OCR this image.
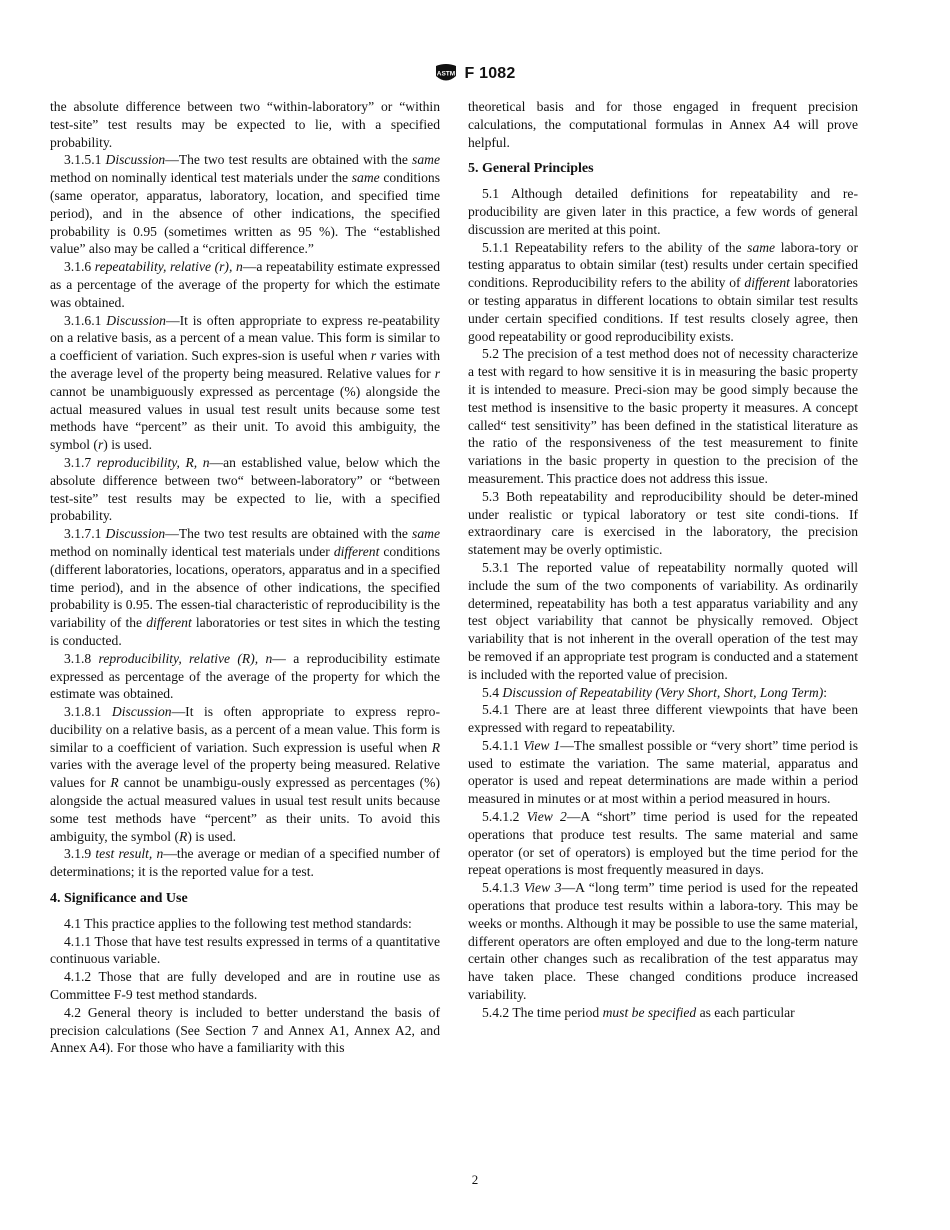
ASTM F 1082

the absolute difference between two “within-laboratory” or “within test-site” test results may be expected to lie, with a specified probability.

3.1.5.1 Discussion—The two test results are obtained with the same method on nominally identical test materials under the same conditions (same operator, apparatus, laboratory, location, and specified time period), and in the absence of other indications, the specified probability is 0.95 (sometimes written as 95 %). The “established value” also may be called a “critical difference.”

3.1.6 repeatability, relative (r), n—a repeatability estimate expressed as a percentage of the average of the property for which the estimate was obtained.

3.1.6.1 Discussion—It is often appropriate to express re-peatability on a relative basis, as a percent of a mean value. This form is similar to a coefficient of variation. Such expres-sion is useful when r varies with the average level of the property being measured. Relative values for r cannot be unambiguously expressed as percentage (%) alongside the actual measured values in usual test result units because some test methods have “percent” as their unit. To avoid this ambiguity, the symbol (r) is used.

3.1.7 reproducibility, R, n—an established value, below which the absolute difference between two“ between-laboratory” or “between test-site” test results may be expected to lie, with a specified probability.

3.1.7.1 Discussion—The two test results are obtained with the same method on nominally identical test materials under different conditions (different laboratories, locations, operators, apparatus and in a specified time period), and in the absence of other indications, the specified probability is 0.95. The essen-tial characteristic of reproducibility is the variability of the different laboratories or test sites in which the testing is conducted.

3.1.8 reproducibility, relative (R), n— a reproducibility estimate expressed as percentage of the average of the property for which the estimate was obtained.

3.1.8.1 Discussion—It is often appropriate to express repro-ducibility on a relative basis, as a percent of a mean value. This form is similar to a coefficient of variation. Such expression is useful when R varies with the average level of the property being measured. Relative values for R cannot be unambigu-ously expressed as percentages (%) alongside the actual measured values in usual test result units because some test methods have “percent” as their units. To avoid this ambiguity, the symbol (R) is used.

3.1.9 test result, n—the average or median of a specified number of determinations; it is the reported value for a test.

4. Significance and Use

4.1 This practice applies to the following test method standards:

4.1.1 Those that have test results expressed in terms of a quantitative continuous variable.

4.1.2 Those that are fully developed and are in routine use as Committee F-9 test method standards.

4.2 General theory is included to better understand the basis of precision calculations (See Section 7 and Annex A1, Annex A2, and Annex A4). For those who have a familiarity with this

theoretical basis and for those engaged in frequent precision calculations, the computational formulas in Annex A4 will prove helpful.

5. General Principles

5.1 Although detailed definitions for repeatability and re-producibility are given later in this practice, a few words of general discussion are merited at this point.

5.1.1 Repeatability refers to the ability of the same labora-tory or testing apparatus to obtain similar (test) results under certain specified conditions. Reproducibility refers to the ability of different laboratories or testing apparatus in different locations to obtain similar test results under certain specified conditions. If test results closely agree, then good repeatability or good reproducibility exists.

5.2 The precision of a test method does not of necessity characterize a test with regard to how sensitive it is in measuring the basic property it is intended to measure. Preci-sion may be good simply because the test method is insensitive to the basic property it measures. A concept called“ test sensitivity” has been defined in the statistical literature as the ratio of the responsiveness of the test measurement to finite variations in the basic property in question to the precision of the measurement. This practice does not address this issue.

5.3 Both repeatability and reproducibility should be deter-mined under realistic or typical laboratory or test site condi-tions. If extraordinary care is exercised in the laboratory, the precision statement may be overly optimistic.

5.3.1 The reported value of repeatability normally quoted will include the sum of the two components of variability. As ordinarily determined, repeatability has both a test apparatus variability and any test object variability that cannot be physically removed. Object variability that is not inherent in the overall operation of the test may be removed if an appropriate test program is conducted and a statement is included with the reported value of precision.

5.4 Discussion of Repeatability (Very Short, Short, Long Term):

5.4.1 There are at least three different viewpoints that have been expressed with regard to repeatability.

5.4.1.1 View 1—The smallest possible or “very short” time period is used to estimate the variation. The same material, apparatus and operator is used and repeat determinations are made within a period measured in minutes or at most within a period measured in hours.

5.4.1.2 View 2—A “short” time period is used for the repeated operations that produce test results. The same material and same operator (or set of operators) is employed but the time period for the repeat operations is most frequently measured in days.

5.4.1.3 View 3—A “long term” time period is used for the repeated operations that produce test results within a labora-tory. This may be weeks or months. Although it may be possible to use the same material, different operators are often employed and due to the long-term nature certain other changes such as recalibration of the test apparatus may have taken place. These changed conditions produce increased variability.

5.4.2 The time period must be specified as each particular

2
